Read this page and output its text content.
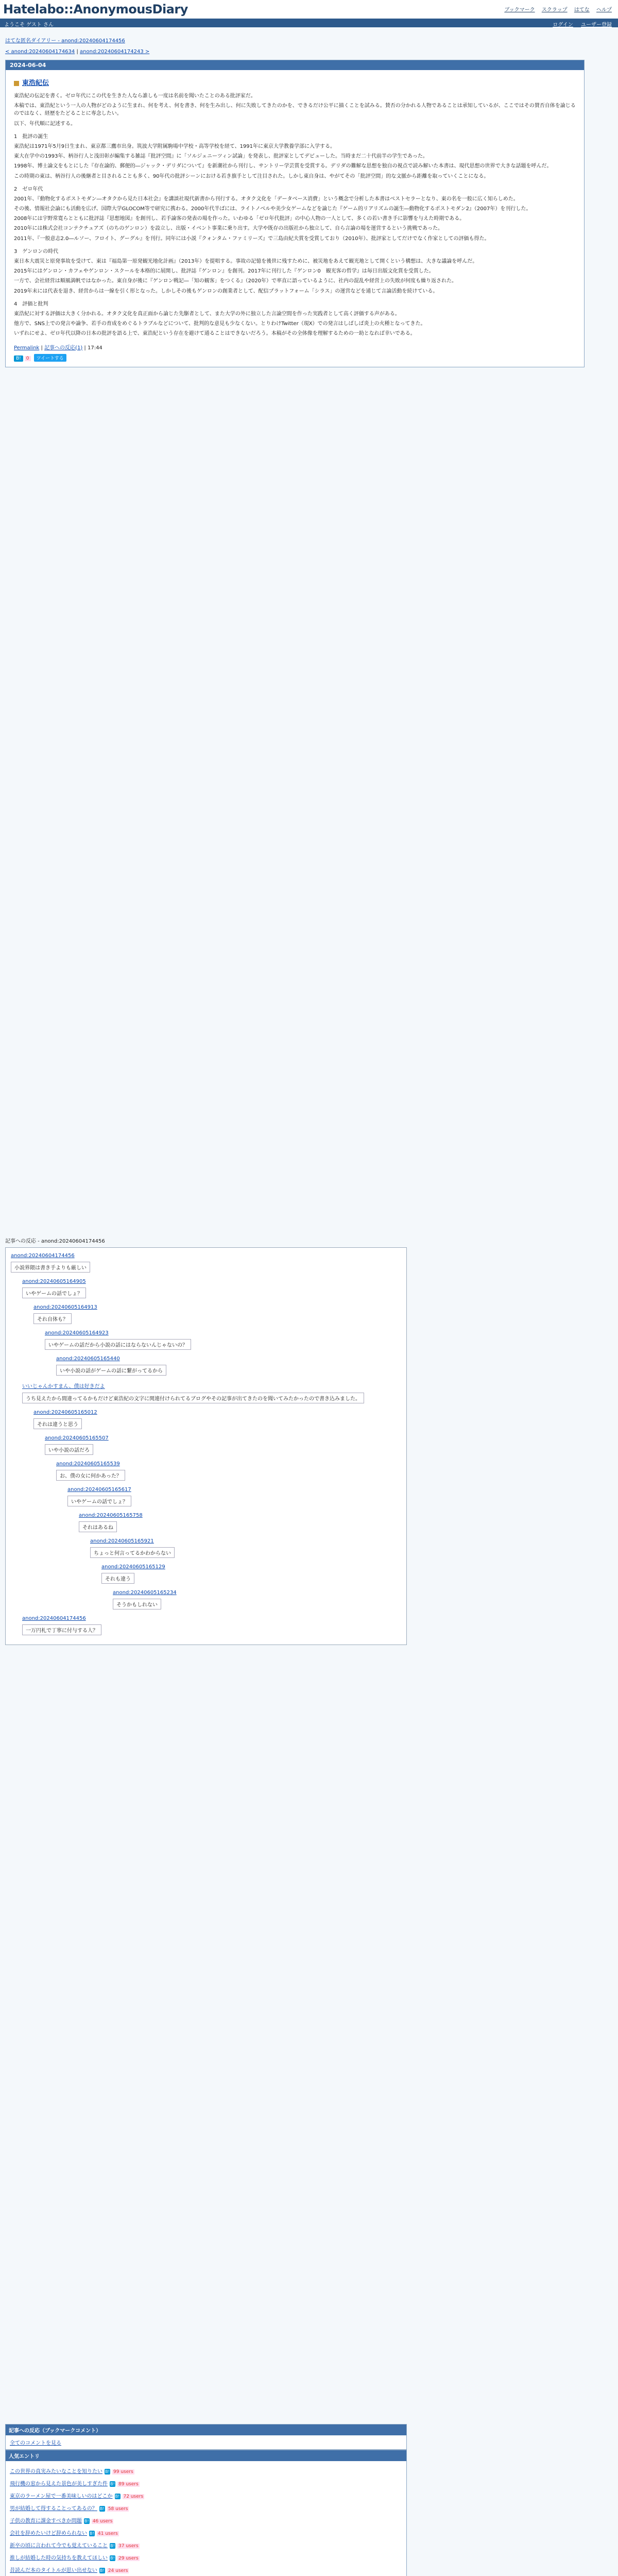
Hatelabo::AnonymousDiary	ブックマーク スクラップ はてな ヘルプ
ようこそ ゲスト さん	ログイン ユーザー登録
はてな匿名ダイアリー - anond:20240604174456
< anond:20240604174634 | anond:20240604174243 >
2024-06-04
東浩紀伝

東浩紀の伝記を書く。ゼロ年代にこの代を生きた人なら誰しも一度は名前を聞いたことのある批評家だ。

本稿では、東浩紀という一人の人物がどのように生まれ、何を考え、何を書き、何を生み出し、何に失敗してきたのかを、できるだけ公平に描くことを試みる。賛否の分かれる人物であることは承知しているが、ここではその賛否自体を論じるのではなく、経歴をたどることに専念したい。

以下、年代順に記述する。

1　批評の誕生

東浩紀は1971年5月9日生まれ、東京都三鷹市出身。筑波大学附属駒場中学校・高等学校を経て、1991年に東京大学教養学部に入学する。

東大在学中の1993年、柄谷行人と浅田彰が編集する雑誌『批評空間』に「ソルジェニーツィン試論」を発表し、批評家としてデビューした。当時まだ二十代前半の学生であった。

1998年、博士論文をもとにした『存在論的、郵便的―ジャック・デリダについて』を新潮社から刊行し、サントリー学芸賞を受賞する。デリダの難解な思想を独自の視点で読み解いた本書は、現代思想の世界で大きな話題を呼んだ。

この時期の東は、柄谷行人の後継者と目されることも多く、90年代の批評シーンにおける若き旗手として注目された。しかし東自身は、やがてその「批評空間」的な文脈から距離を取っていくことになる。

2　ゼロ年代

2001年、『動物化するポストモダン―オタクから見た日本社会』を講談社現代新書から刊行する。オタク文化を「データベース消費」という概念で分析した本書はベストセラーとなり、東の名を一般に広く知らしめた。

その後、情報社会論にも活動を広げ、国際大学GLOCOM等で研究に携わる。2000年代半ばには、ライトノベルや美少女ゲームなどを論じた『ゲーム的リアリズムの誕生―動物化するポストモダン2』（2007年）を刊行した。

2008年には宇野常寛らとともに批評誌『思想地図』を創刊し、若手論客の発表の場を作った。いわゆる「ゼロ年代批評」の中心人物の一人として、多くの若い書き手に影響を与えた時期である。

2010年には株式会社コンテクチュアズ（のちのゲンロン）を設立し、出版・イベント事業に乗り出す。大学や既存の出版社から独立して、自ら言論の場を運営するという挑戦であった。

2011年、『一般意志2.0―ルソー、フロイト、グーグル』を刊行。同年には小説『クォンタム・ファミリーズ』で三島由紀夫賞を受賞しており（2010年）、批評家としてだけでなく作家としての評価も得た。

3　ゲンロンの時代

東日本大震災と原発事故を受けて、東は『福島第一原発観光地化計画』（2013年）を提唱する。事故の記憶を後世に残すために、被災地をあえて観光地として開くという構想は、大きな議論を呼んだ。

2015年にはゲンロン・カフェやゲンロン・スクールを本格的に展開し、批評誌『ゲンロン』を創刊。2017年に刊行した『ゲンロン0　観光客の哲学』は毎日出版文化賞を受賞した。

一方で、会社経営は順風満帆ではなかった。東自身が後に『ゲンロン戦記―「知の観客」をつくる』（2020年）で率直に語っているように、社内の混乱や経営上の失敗が何度も繰り返された。

2019年末には代表を退き、経営からは一線を引く形となった。しかしその後もゲンロンの創業者として、配信プラットフォーム「シラス」の運営などを通じて言論活動を続けている。

4　評価と批判

東浩紀に対する評価は大きく分かれる。オタク文化を真正面から論じた先駆者として、また大学の外に独立した言論空間を作った実践者として高く評価する声がある。

他方で、SNS上での発言や論争、若手の育成をめぐるトラブルなどについて、批判的な意見も少なくない。とりわけTwitter（現X）での発言はしばしば炎上の火種となってきた。

いずれにせよ、ゼロ年代以降の日本の批評を語る上で、東浩紀という存在を避けて通ることはできないだろう。本稿がその全体像を理解するための一助となれば幸いである。

Permalink | 記事への反応(1) | 17:44
B! 0 ツイートする
記事への反応 - anond:20240604174456
anond:20240604174456
小説界隈は書き手よりも厳しい
anond:20240605164905
いやゲームの話でしょ？
anond:20240605164913
それ自体も？
anond:20240605164923
いやゲームの話だから小説の話にはならないんじゃないの？
anond:20240605165440
いや小説の話がゲームの話に繋がってるから
いいじゃんかすまん、僕は好きだよ
うち見えたから間違ってるかもだけど東浩紀の文字に関連付けられてるブログやその記事が出てきたのを聞いてみたかったので書き込みました。
anond:20240605165012
それは違うと思う
anond:20240605165507
いや小説の話だろ
anond:20240605165539
お、僕の女に何かあった？
anond:20240605165617
いやゲームの話でしょ？
anond:20240605165758
それはあるね
anond:20240605165921
ちょっと何言ってるかわからない
anond:20240605165129
それも違う
anond:20240605165234
そうかもしれない
anond:20240604174456
一万円札で丁寧に付与する人？
記事への反応（ブックマークコメント）
全てのコメントを見る
人気エントリ
この世界の真実みたいなことを知りたい B! 99 users
飛行機の窓から見えた景色が美しすぎた件 B! 89 users
東京のラーメン屋で一番美味しいのはどこか B! 72 users
男が結婚して得することってあるの？ B! 58 users
子供の教育に課金すべきか問題 B! 46 users
会社を辞めたいけど辞められない B! 41 users
新卒の頃に言われて今でも覚えていること B! 37 users
推しが結婚した時の気持ちを教えてほしい B! 29 users
昔読んだ本のタイトルが思い出せない B! 24 users
